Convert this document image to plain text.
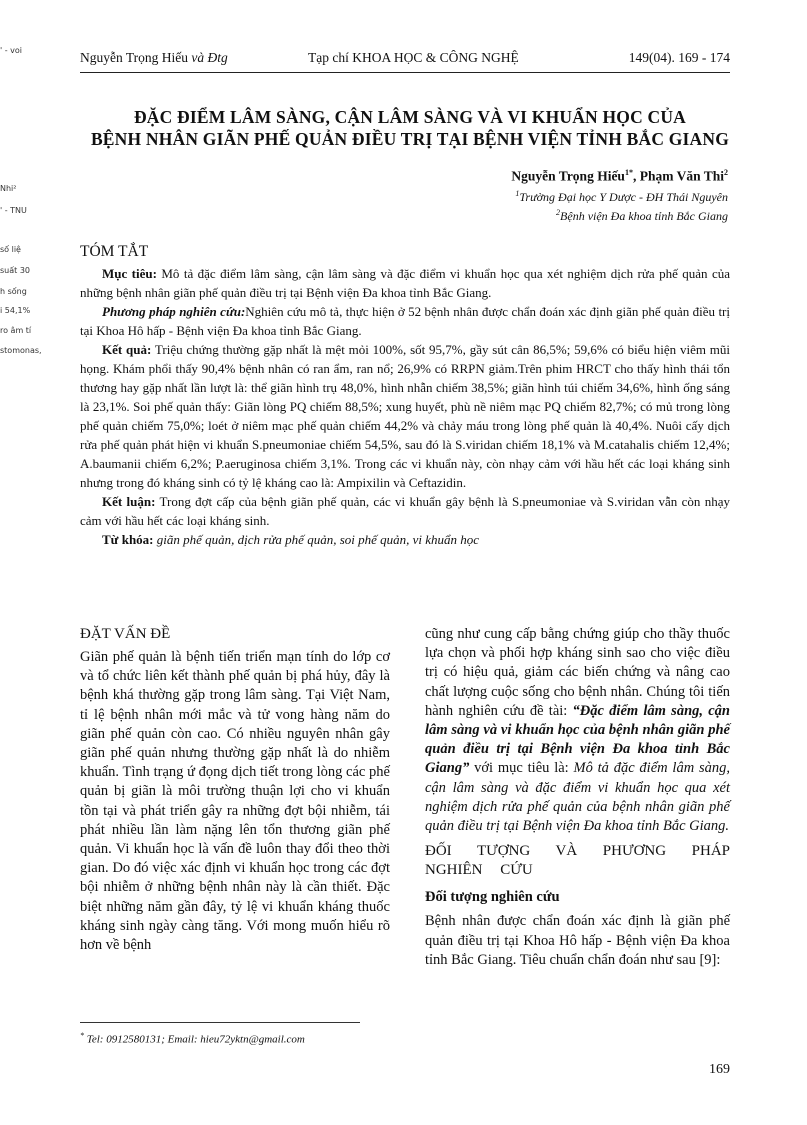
' - voi
Nhi²
' - TNU
số liệ
suất 30
h sống
i 54,1%
ro âm tí
stomonas,
Nguyễn Trọng Hiếu và Đtg	Tạp chí KHOA HỌC & CÔNG NGHỆ	149(04). 169 - 174
ĐẶC ĐIỂM LÂM SÀNG, CẬN LÂM SÀNG VÀ VI KHUẨN HỌC CỦA
BỆNH NHÂN GIÃN PHẾ QUẢN ĐIỀU TRỊ TẠI BỆNH VIỆN TỈNH BẮC GIANG
Nguyễn Trọng Hiếu$^{1*}$, Phạm Văn Thi$^2$
$^1$Trường Đại học Y Dược - ĐH Thái Nguyên
$^2$Bệnh viện Đa khoa tỉnh Bắc Giang
TÓM TẮT

Mục tiêu: Mô tả đặc điểm lâm sàng, cận lâm sàng và đặc điểm vi khuẩn học qua xét nghiệm dịch rửa phế quản của những bệnh nhân giãn phế quản điều trị tại Bệnh viện Đa khoa tỉnh Bắc Giang.

Phương pháp nghiên cứu:Nghiên cứu mô tả, thực hiện ở 52 bệnh nhân được chẩn đoán xác định giãn phế quản điều trị tại Khoa Hô hấp - Bệnh viện Đa khoa tỉnh Bắc Giang.

Kết quả: Triệu chứng thường gặp nhất là mệt mỏi 100%, sốt 95,7%, gầy sút cân 86,5%; 59,6% có biểu hiện viêm mũi họng. Khám phổi thấy 90,4% bệnh nhân có ran ẩm, ran nổ; 26,9% có RRPN giảm.Trên phim HRCT cho thấy hình thái tổn thương hay gặp nhất lần lượt là: thể giãn hình trụ 48,0%, hình nhẫn chiếm 38,5%; giãn hình túi chiếm 34,6%, hình ống sáng là 23,1%. Soi phế quản thấy: Giãn lòng PQ chiếm 88,5%; xung huyết, phù nề niêm mạc PQ chiếm 82,7%; có mủ trong lòng phế quản chiếm 75,0%; loét ở niêm mạc phế quản chiếm 44,2% và chảy máu trong lòng phế quản là 40,4%. Nuôi cấy dịch rửa phế quản phát hiện vi khuẩn S.pneumoniae chiếm 54,5%, sau đó là S.viridan chiếm 18,1% và M.catahalis chiếm 12,4%; A.baumanii chiếm 6,2%; P.aeruginosa chiếm 3,1%. Trong các vi khuẩn này, còn nhạy cảm với hầu hết các loại kháng sinh nhưng trong đó kháng sinh có tỷ lệ kháng cao là: Ampixilin và Ceftazidin.

Kết luận: Trong đợt cấp của bệnh giãn phế quản, các vi khuẩn gây bệnh là S.pneumoniae và S.viridan vẫn còn nhạy cảm với hầu hết các loại kháng sinh.

Từ khóa: giãn phế quản, dịch rửa phế quản, soi phế quản, vi khuẩn học

ĐẶT VẤN ĐỀ

Giãn phế quản là bệnh tiến triển mạn tính do lớp cơ và tổ chức liên kết thành phế quản bị phá hủy, đây là bệnh khá thường gặp trong lâm sàng. Tại Việt Nam, tỉ lệ bệnh nhân mới mắc và tử vong hàng năm do giãn phế quản còn cao. Có nhiều nguyên nhân gây giãn phế quản nhưng thường gặp nhất là do nhiễm khuẩn. Tình trạng ứ đọng dịch tiết trong lòng các phế quản bị giãn là môi trường thuận lợi cho vi khuẩn tồn tại và phát triển gây ra những đợt bội nhiễm, tái phát nhiều lần làm nặng lên tổn thương giãn phế quản. Vi khuẩn học là vấn đề luôn thay đổi theo thời gian. Do đó việc xác định vi khuẩn học trong các đợt bội nhiễm ở những bệnh nhân này là cần thiết. Đặc biệt những năm gần đây, tỷ lệ vi khuẩn kháng thuốc kháng sinh ngày càng tăng. Với mong muốn hiểu rõ hơn về bệnh

cũng như cung cấp bằng chứng giúp cho thầy thuốc lựa chọn và phối hợp kháng sinh sao cho việc điều trị có hiệu quả, giảm các biến chứng và nâng cao chất lượng cuộc sống cho bệnh nhân. Chúng tôi tiến hành nghiên cứu đề tài: “Đặc điểm lâm sàng, cận lâm sàng và vi khuẩn học của bệnh nhân giãn phế quản điều trị tại Bệnh viện Đa khoa tỉnh Bắc Giang” với mục tiêu là: Mô tả đặc điểm lâm sàng, cận lâm sàng và đặc điểm vi khuẩn học qua xét nghiệm dịch rửa phế quản của bệnh nhân giãn phế quản điều trị tại Bệnh viện Đa khoa tỉnh Bắc Giang.

ĐỐI TƯỢNG VÀ PHƯƠNG PHÁP NGHIÊN CỨU
Đối tượng nghiên cứu

Bệnh nhân được chẩn đoán xác định là giãn phế quản điều trị tại Khoa Hô hấp - Bệnh viện Đa khoa tỉnh Bắc Giang. Tiêu chuẩn chẩn đoán như sau [9]:

* Tel: 0912580131; Email: hieu72yktn@gmail.com
169
